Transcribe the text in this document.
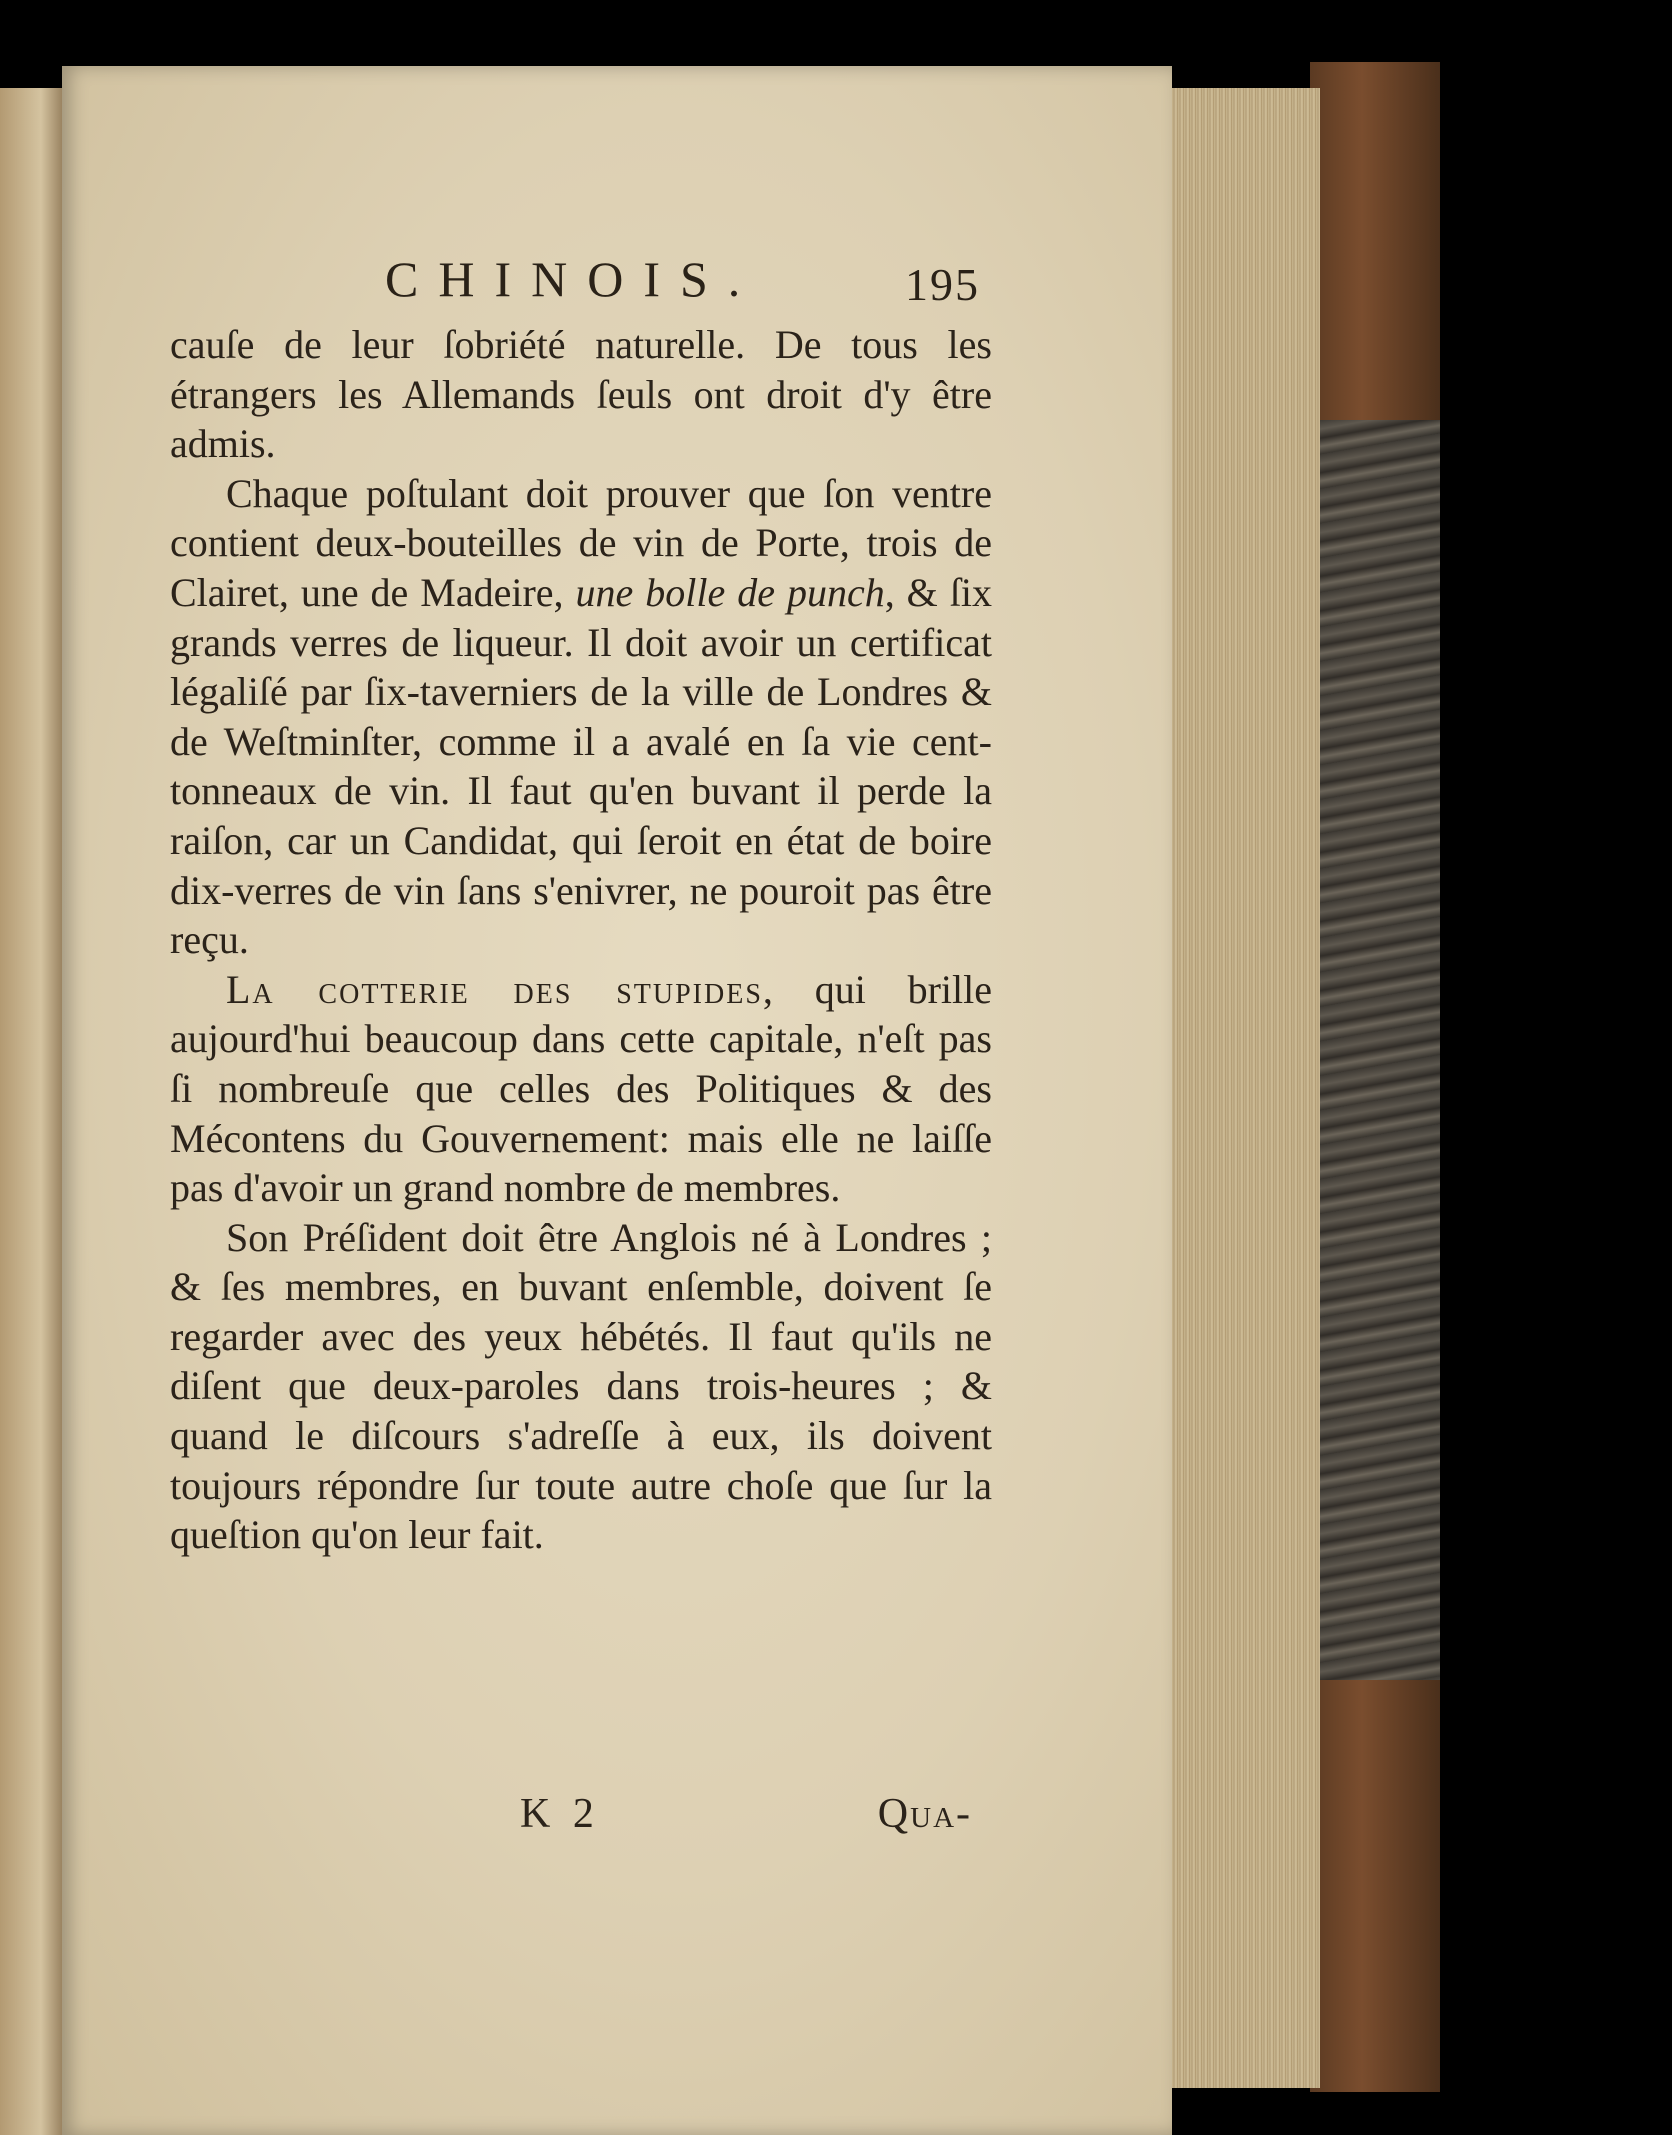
CHINOIS.	195

cauſe de leur ſobriété naturelle. De tous les étrangers les Allemands ſeuls ont droit d'y être admis.

Chaque poſtulant doit prouver que ſon ventre contient deux-bouteilles de vin de Porte, trois de Clairet, une de Madeire, une bolle de punch, & ſix grands verres de liqueur. Il doit avoir un certificat légaliſé par ſix-taverniers de la ville de Londres & de Weſtminſter, comme il a avalé en ſa vie cent-tonneaux de vin. Il faut qu'en buvant il perde la raiſon, car un Candidat, qui ſeroit en état de boire dix-verres de vin ſans s'enivrer, ne pouroit pas être reçu.

La cotterie des stupides, qui brille aujourd'hui beaucoup dans cette capitale, n'eſt pas ſi nombreuſe que celles des Politiques & des Mécontens du Gouvernement: mais elle ne laiſſe pas d'avoir un grand nombre de membres.

Son Préſident doit être Anglois né à Londres ; & ſes membres, en buvant enſemble, doivent ſe regarder avec des yeux hébétés. Il faut qu'ils ne diſent que deux-paroles dans trois-heures ; & quand le diſcours s'adreſſe à eux, ils doivent toujours répondre ſur toute autre choſe que ſur la queſtion qu'on leur fait.

K 2	Qua-
